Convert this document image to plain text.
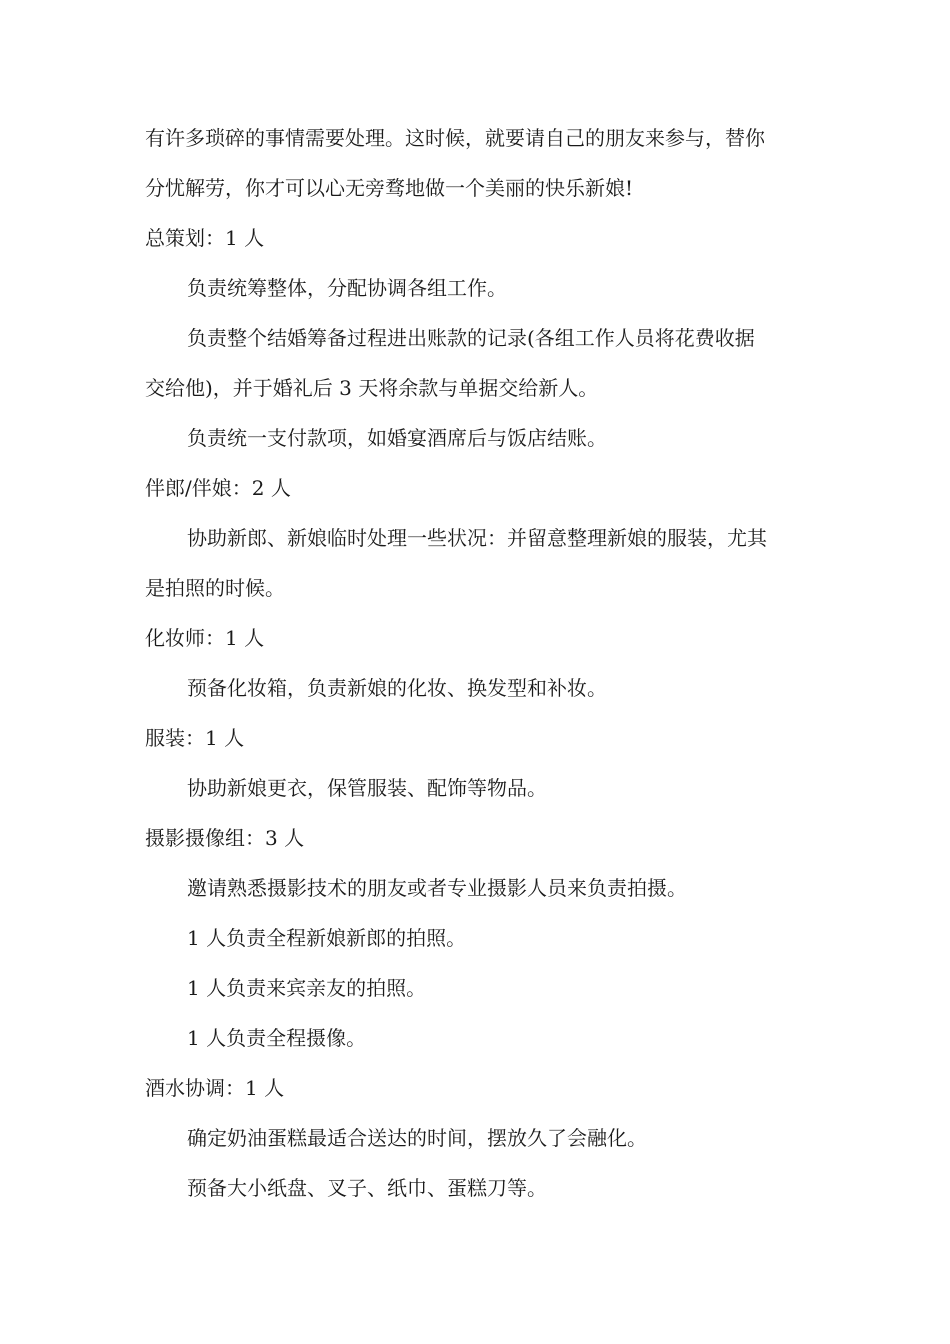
有许多琐碎的事情需要处理。这时候，就要请自己的朋友来参与，替你
分忧解劳，你才可以心无旁骛地做一个美丽的快乐新娘!
总策划：1 人
负责统筹整体，分配协调各组工作。
负责整个结婚筹备过程进出账款的记录(各组工作人员将花费收据
交给他)，并于婚礼后 3 天将余款与单据交给新人。
负责统一支付款项，如婚宴酒席后与饭店结账。
伴郎/伴娘：2 人
协助新郎、新娘临时处理一些状况：并留意整理新娘的服装，尤其
是拍照的时候。
化妆师：1 人
预备化妆箱，负责新娘的化妆、换发型和补妆。
服装：1 人
协助新娘更衣，保管服装、配饰等物品。
摄影摄像组：3 人
邀请熟悉摄影技术的朋友或者专业摄影人员来负责拍摄。
1 人负责全程新娘新郎的拍照。
1 人负责来宾亲友的拍照。
1 人负责全程摄像。
酒水协调：1 人
确定奶油蛋糕最适合送达的时间，摆放久了会融化。
预备大小纸盘、叉子、纸巾、蛋糕刀等。
